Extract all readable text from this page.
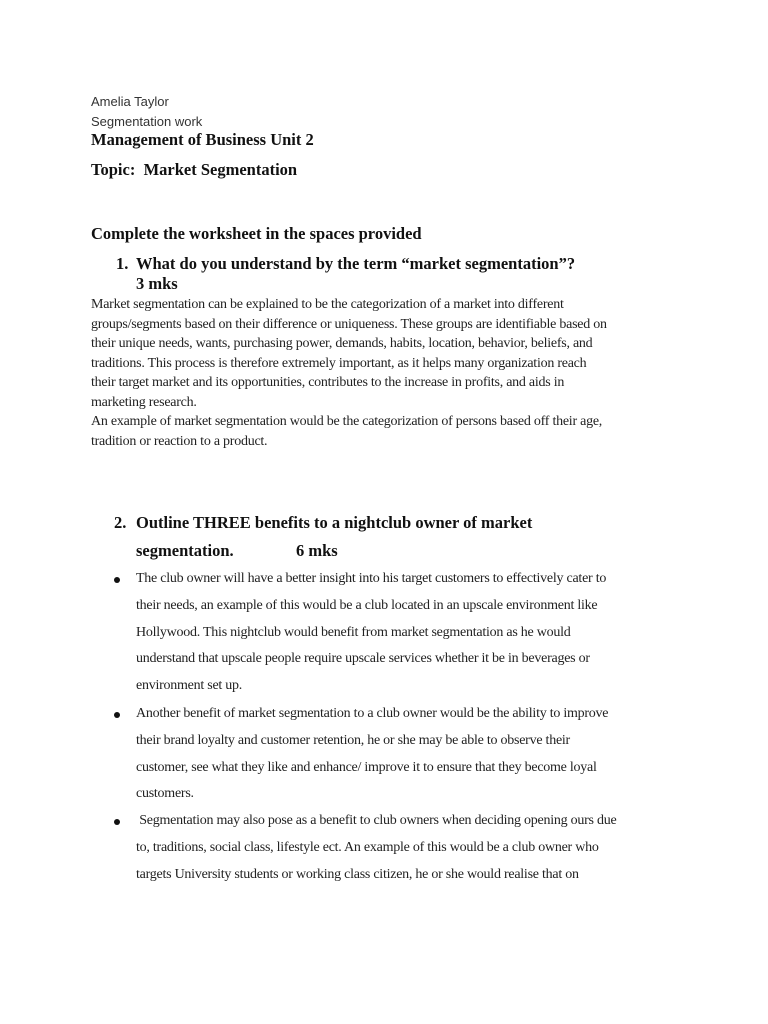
Amelia Taylor
Segmentation work
Management of Business Unit 2
Topic:  Market Segmentation
Complete the worksheet in the spaces provided
1. What do you understand by the term “market segmentation”?
3 mks
Market segmentation can be explained to be the categorization of a market into different
groups/segments based on their difference or uniqueness. These groups are identifiable based on
their unique needs, wants, purchasing power, demands, habits, location, behavior, beliefs, and
traditions. This process is therefore extremely important, as it helps many organization reach
their target market and its opportunities, contributes to the increase in profits, and aids in
marketing research.
An example of market segmentation would be the categorization of persons based off their age,
tradition or reaction to a product.
2. Outline THREE benefits to a nightclub owner of market
segmentation.	6 mks
The club owner will have a better insight into his target customers to effectively cater to
their needs, an example of this would be a club located in an upscale environment like
Hollywood. This nightclub would benefit from market segmentation as he would
understand that upscale people require upscale services whether it be in beverages or
environment set up.
Another benefit of market segmentation to a club owner would be the ability to improve
their brand loyalty and customer retention, he or she may be able to observe their
customer, see what they like and enhance/ improve it to ensure that they become loyal
customers.
Segmentation may also pose as a benefit to club owners when deciding opening ours due
to, traditions, social class, lifestyle ect. An example of this would be a club owner who
targets University students or working class citizen, he or she would realise that on
